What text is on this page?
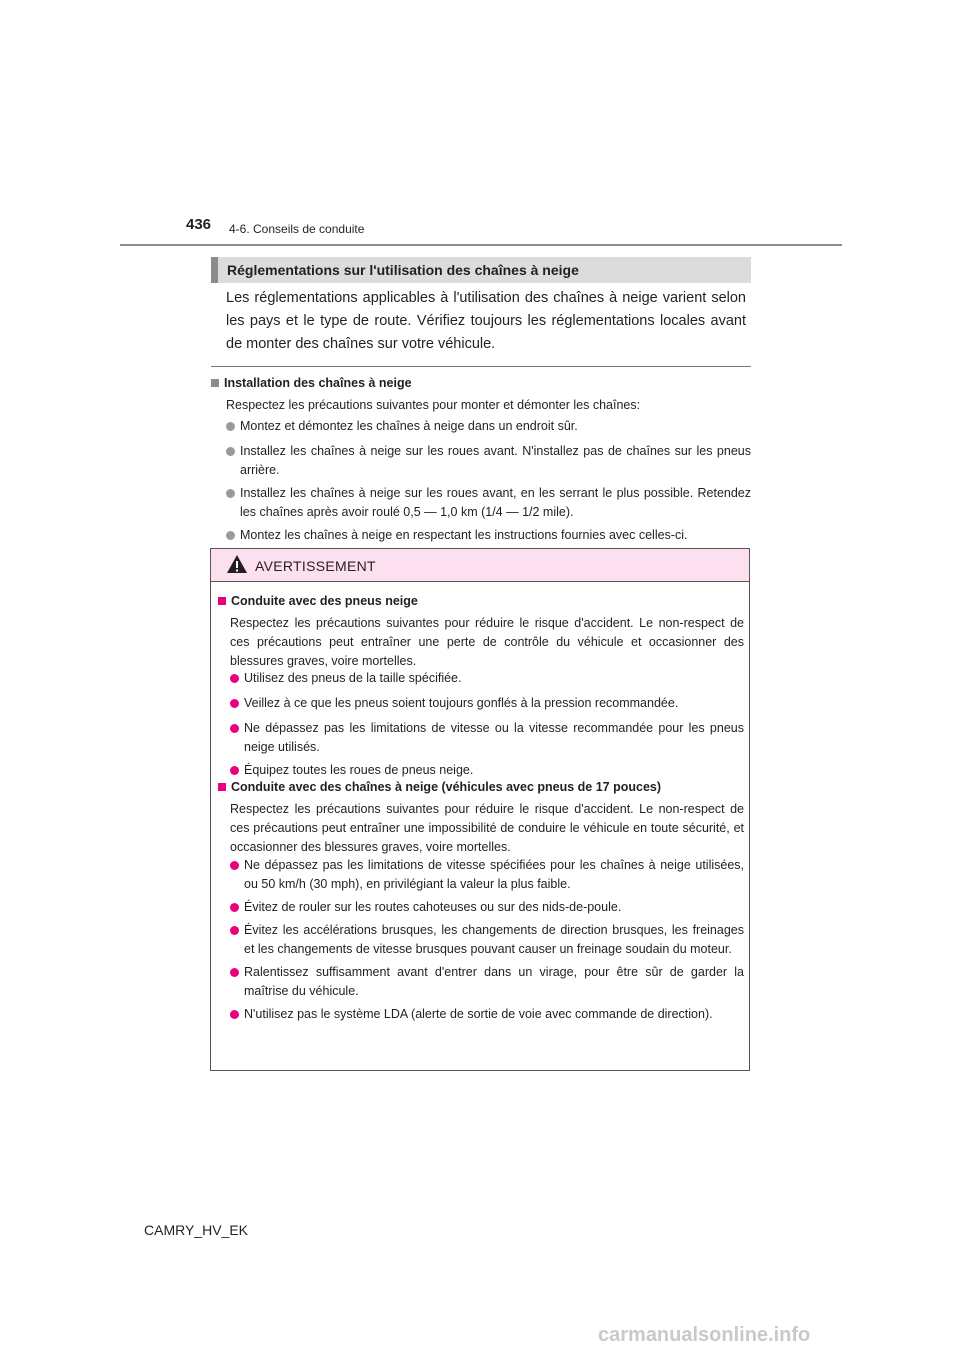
436 4-6. Conseils de conduite
Réglementations sur l'utilisation des chaînes à neige
Les réglementations applicables à l'utilisation des chaînes à neige varient selon les pays et le type de route. Vérifiez toujours les réglementations locales avant de monter des chaînes sur votre véhicule.
Installation des chaînes à neige
Respectez les précautions suivantes pour monter et démonter les chaînes:
Montez et démontez les chaînes à neige dans un endroit sûr.
Installez les chaînes à neige sur les roues avant. N'installez pas de chaînes sur les pneus arrière.
Installez les chaînes à neige sur les roues avant, en les serrant le plus possible. Retendez les chaînes après avoir roulé 0,5 — 1,0 km (1/4 — 1/2 mile).
Montez les chaînes à neige en respectant les instructions fournies avec celles-ci.
AVERTISSEMENT
Conduite avec des pneus neige
Respectez les précautions suivantes pour réduire le risque d'accident. Le non-respect de ces précautions peut entraîner une perte de contrôle du véhicule et occasionner des blessures graves, voire mortelles.
Utilisez des pneus de la taille spécifiée.
Veillez à ce que les pneus soient toujours gonflés à la pression recommandée.
Ne dépassez pas les limitations de vitesse ou la vitesse recommandée pour les pneus neige utilisés.
Équipez toutes les roues de pneus neige.
Conduite avec des chaînes à neige (véhicules avec pneus de 17 pouces)
Respectez les précautions suivantes pour réduire le risque d'accident. Le non-respect de ces précautions peut entraîner une impossibilité de conduire le véhicule en toute sécurité, et occasionner des blessures graves, voire mortelles.
Ne dépassez pas les limitations de vitesse spécifiées pour les chaînes à neige utilisées, ou 50 km/h (30 mph), en privilégiant la valeur la plus faible.
Évitez de rouler sur les routes cahoteuses ou sur des nids-de-poule.
Évitez les accélérations brusques, les changements de direction brusques, les freinages et les changements de vitesse brusques pouvant causer un freinage soudain du moteur.
Ralentissez suffisamment avant d'entrer dans un virage, pour être sûr de garder la maîtrise du véhicule.
N'utilisez pas le système LDA (alerte de sortie de voie avec commande de direction).
CAMRY_HV_EK
carmanualsonline.info
